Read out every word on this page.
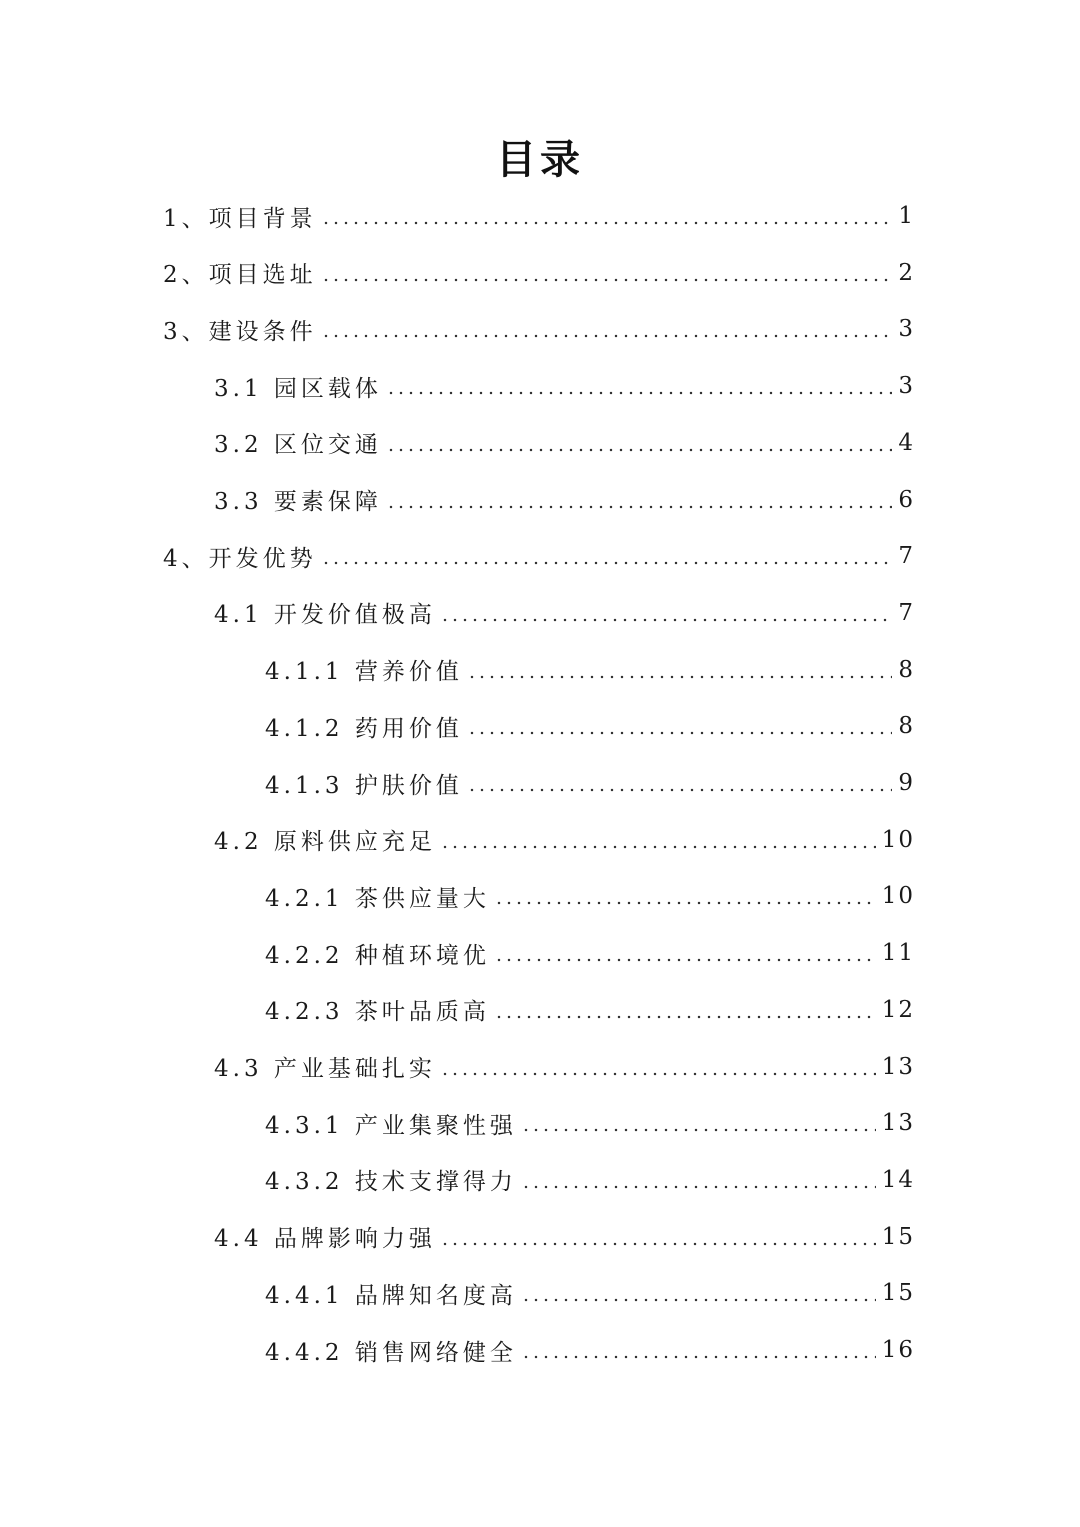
目录
1、项目背景	1
2、项目选址	2
3、建设条件	3
3.1 园区载体	3
3.2 区位交通	4
3.3 要素保障	6
4、开发优势	7
4.1 开发价值极高	7
4.1.1 营养价值	8
4.1.2 药用价值	8
4.1.3 护肤价值	9
4.2 原料供应充足	10
4.2.1 茶供应量大	10
4.2.2 种植环境优	11
4.2.3 茶叶品质高	12
4.3 产业基础扎实	13
4.3.1 产业集聚性强	13
4.3.2 技术支撑得力	14
4.4 品牌影响力强	15
4.4.1 品牌知名度高	15
4.4.2 销售网络健全	16
